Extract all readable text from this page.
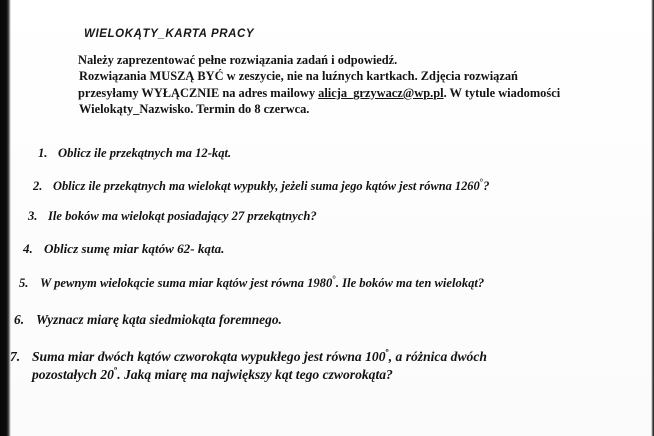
WIELOKĄTY_KARTA PRACY
Należy zaprezentować pełne rozwiązania zadań i odpowiedź.
Rozwiązania MUSZĄ BYĆ w zeszycie, nie na luźnych kartkach. Zdjęcia rozwiązań
przesyłamy WYŁĄCZNIE na adres mailowy alicja_grzywacz@wp.pl. W tytule wiadomości
Wielokąty_Nazwisko. Termin do 8 czerwca.
1. Oblicz ile przekątnych ma 12-kąt.
2. Oblicz ile przekątnych ma wielokąt wypukły, jeżeli suma jego kątów jest równa 1260°?
3. Ile boków ma wielokąt posiadający 27 przekątnych?
4. Oblicz sumę miar kątów 62- kąta.
5. W pewnym wielokącie suma miar kątów jest równa 1980°. Ile boków ma ten wielokąt?
6. Wyznacz miarę kąta siedmiokąta foremnego.
7. Suma miar dwóch kątów czworokąta wypukłego jest równa $100^º$, a różnica dwóch
pozostałych $20^º$. Jaką miarę ma największy kąt tego czworokąta?
